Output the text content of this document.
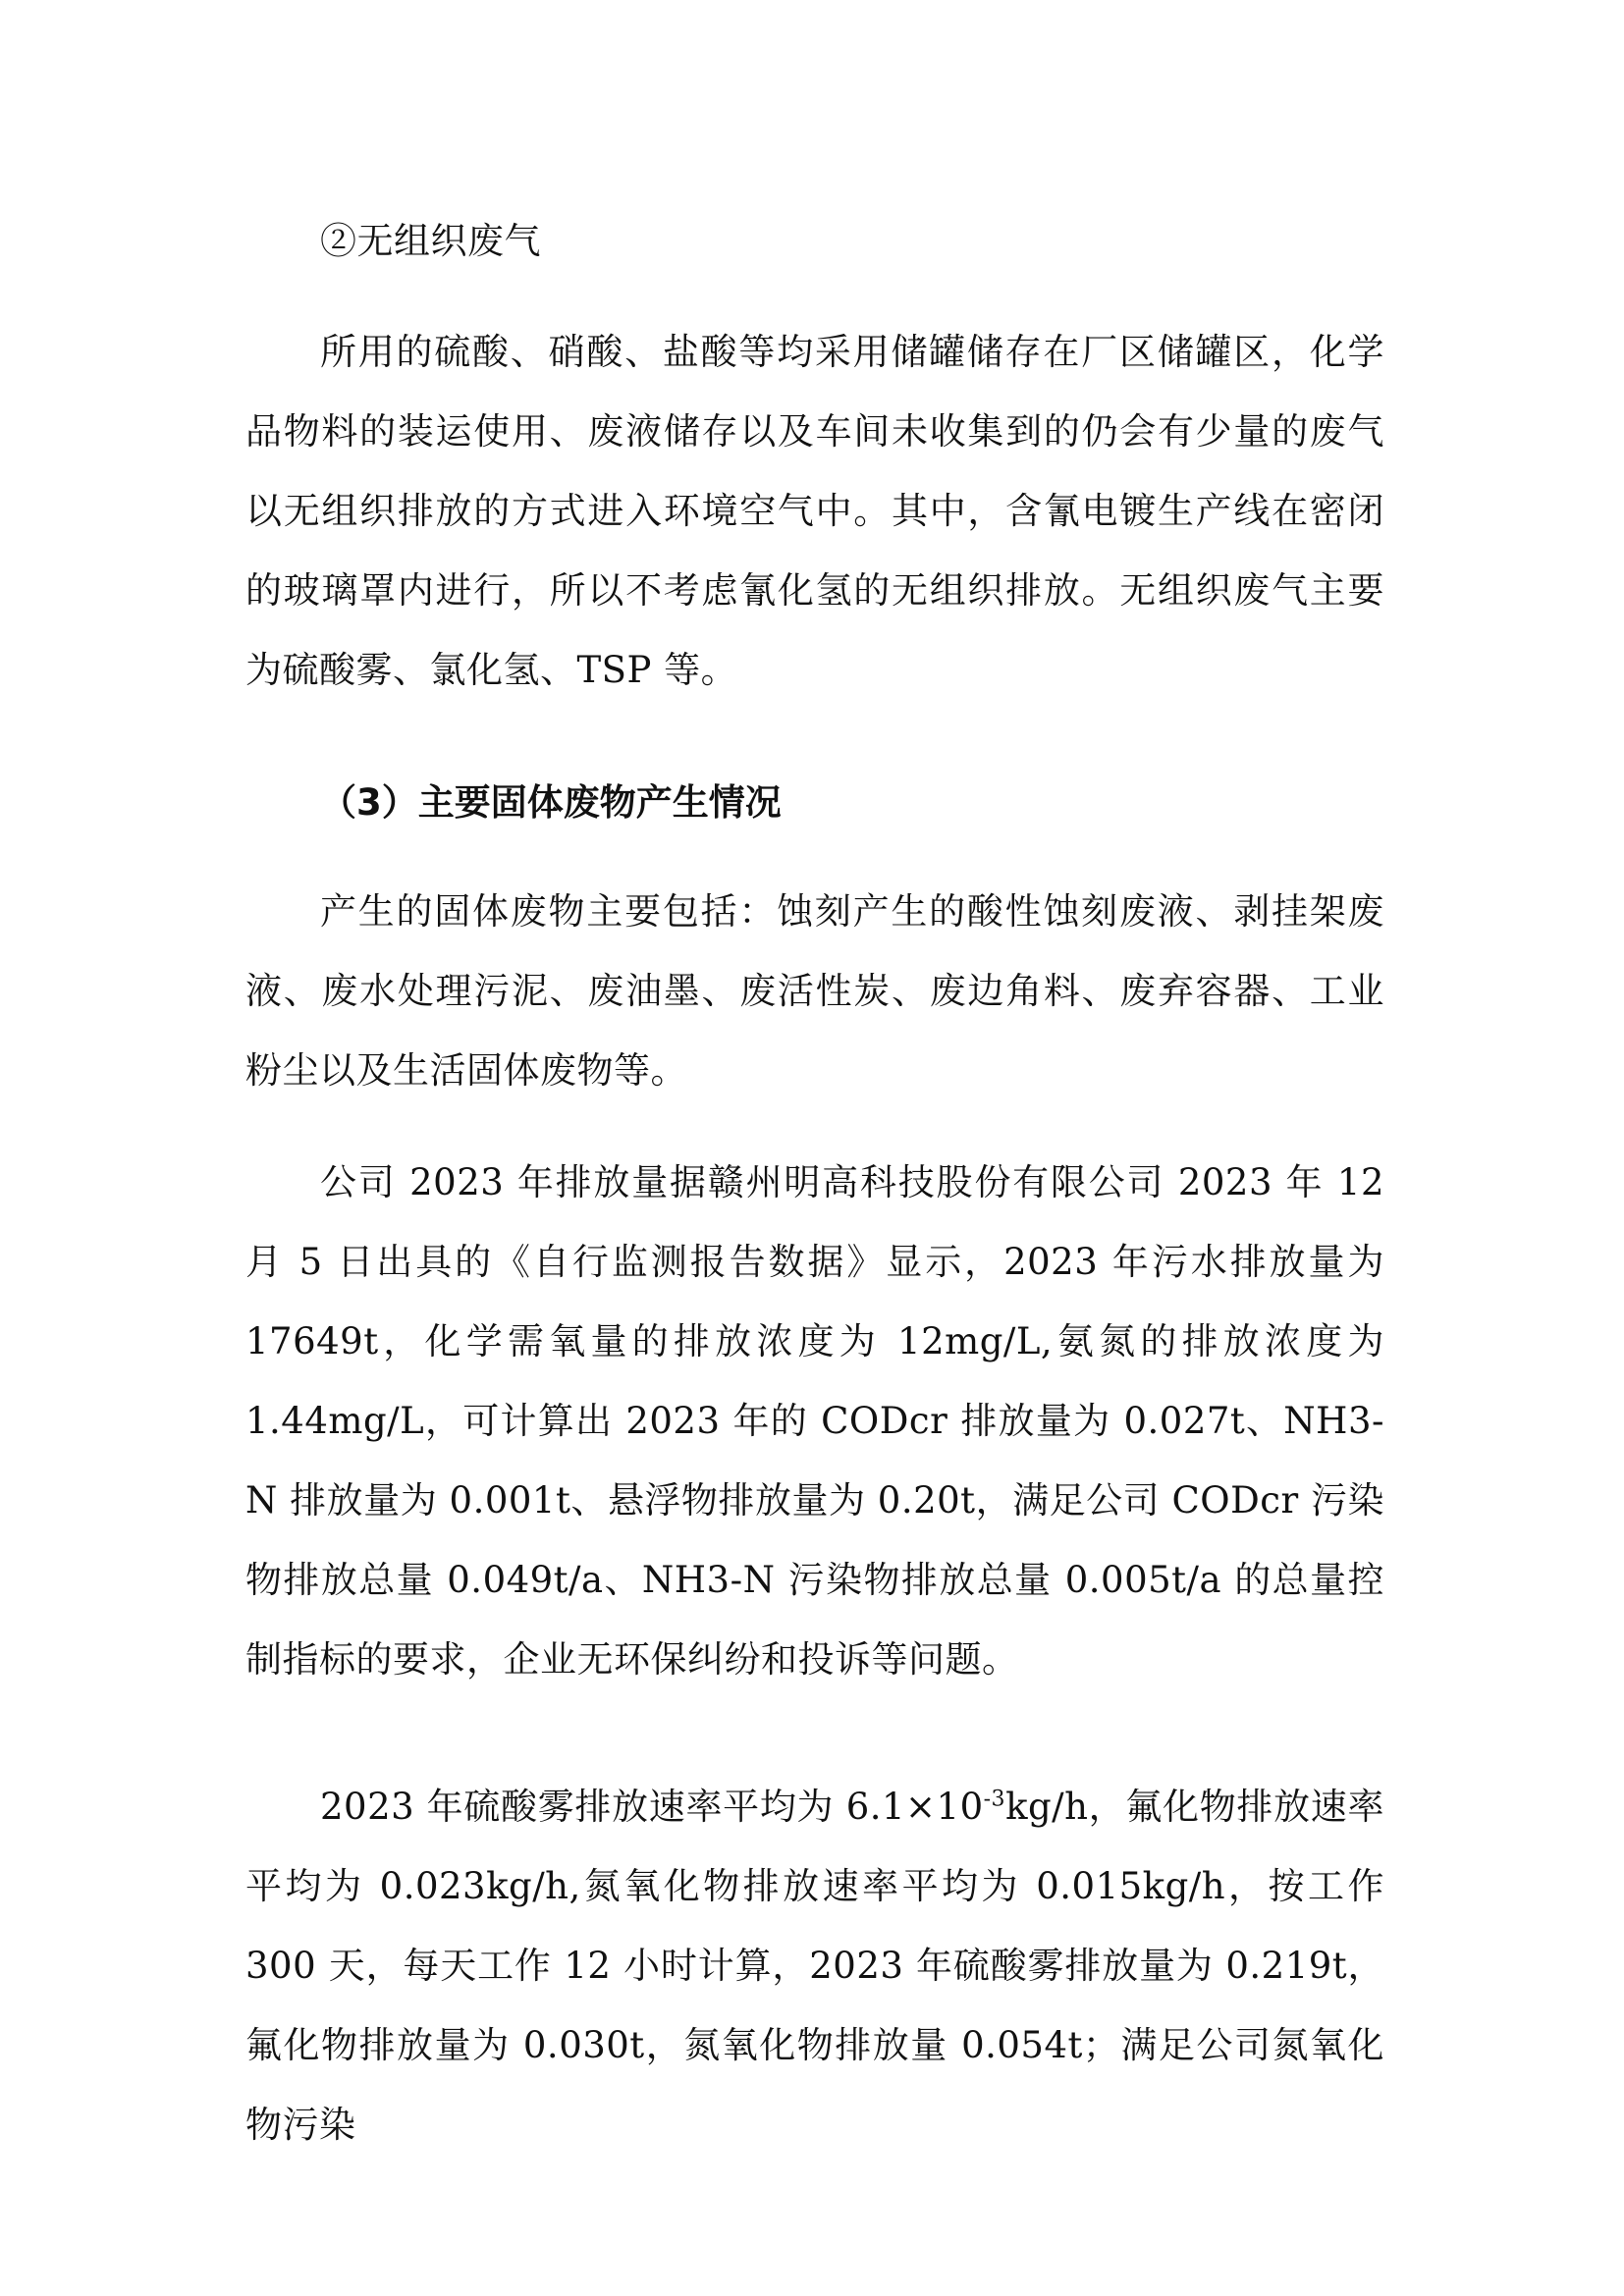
②无组织废气

所用的硫酸、硝酸、盐酸等均采用储罐储存在厂区储罐区，化学品物料的装运使用、废液储存以及车间未收集到的仍会有少量的废气以无组织排放的方式进入环境空气中。其中，含氰电镀生产线在密闭的玻璃罩内进行，所以不考虑氰化氢的无组织排放。无组织废气主要为硫酸雾、氯化氢、TSP 等。

（3）主要固体废物产生情况

产生的固体废物主要包括：蚀刻产生的酸性蚀刻废液、剥挂架废液、废水处理污泥、废油墨、废活性炭、废边角料、废弃容器、工业粉尘以及生活固体废物等。

公司 2023 年排放量据赣州明高科技股份有限公司 2023 年 12 月 5 日出具的《自行监测报告数据》显示，2023 年污水排放量为 17649t，化学需氧量的排放浓度为 12mg/L,氨氮的排放浓度为 1.44mg/L，可计算出 2023 年的 CODcr 排放量为 0.027t、NH3-N 排放量为 0.001t、悬浮物排放量为 0.20t，满足公司 CODcr 污染物排放总量 0.049t/a、NH3-N 污染物排放总量 0.005t/a 的总量控制指标的要求，企业无环保纠纷和投诉等问题。

2023 年硫酸雾排放速率平均为 $6.1\times 10^{-3}kg/h$，氟化物排放速率平均为 0.023kg/h,氮氧化物排放速率平均为 0.015kg/h，按工作 300 天，每天工作 12 小时计算，2023 年硫酸雾排放量为 0.219t，氟化物排放量为 0.030t，氮氧化物排放量 0.054t；满足公司氮氧化物污染
